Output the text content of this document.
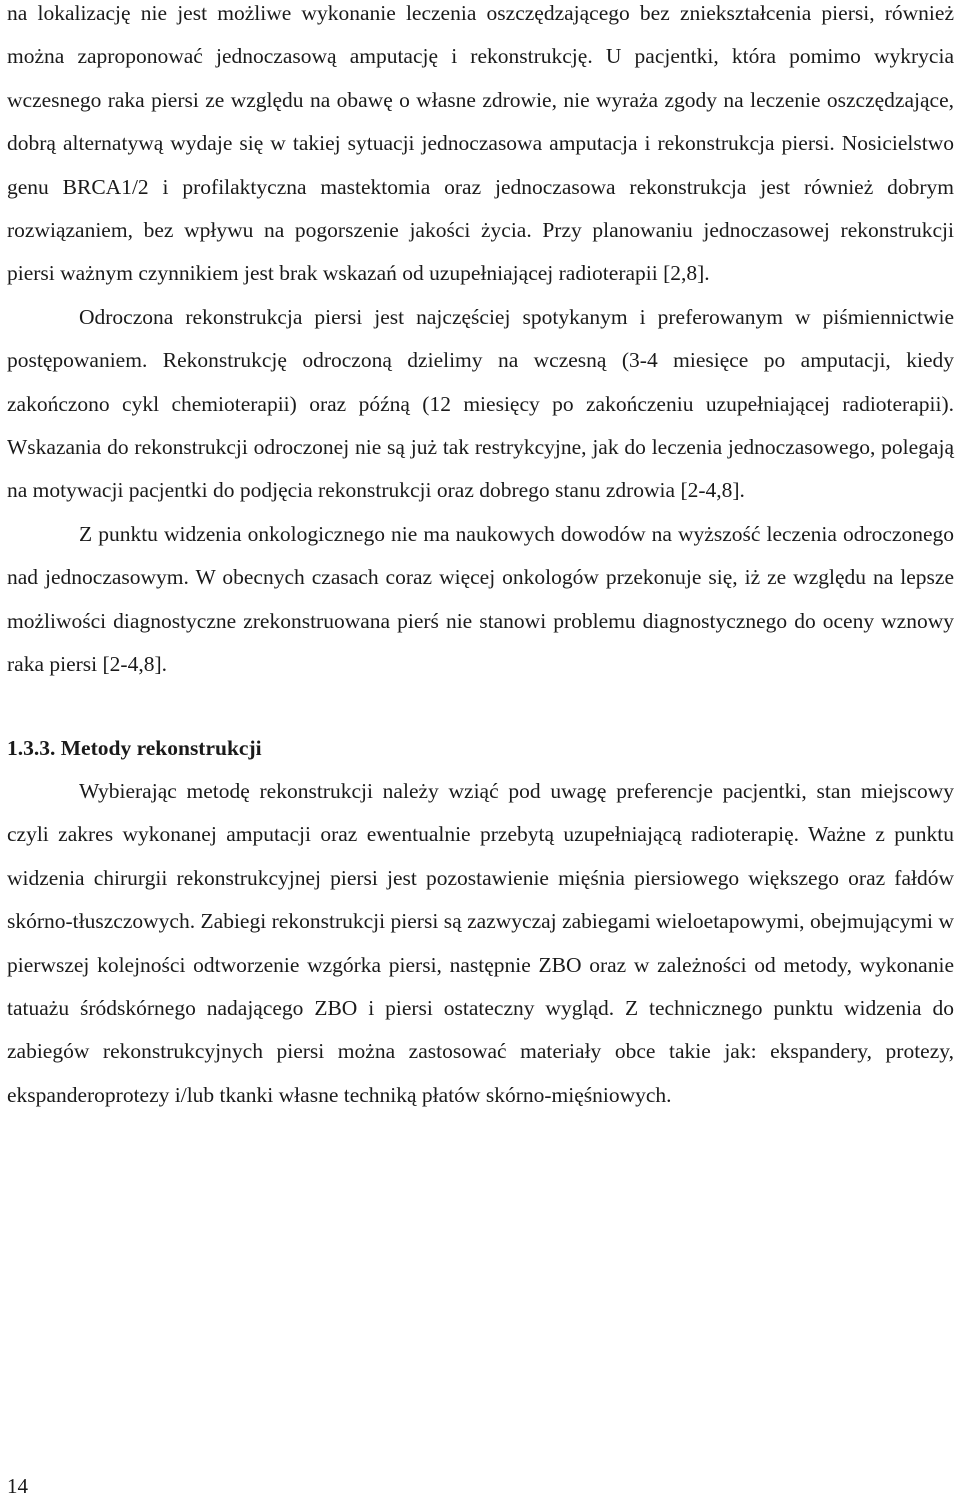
na lokalizację nie jest możliwe wykonanie leczenia oszczędzającego bez zniekształcenia piersi, również można zaproponować jednoczasową amputację i rekonstrukcję. U pacjentki, która pomimo wykrycia wczesnego raka piersi ze względu na obawę o własne zdrowie, nie wyraża zgody na leczenie oszczędzające, dobrą alternatywą wydaje się w takiej sytuacji jednoczasowa amputacja i rekonstrukcja piersi. Nosicielstwo genu BRCA1/2 i profilaktyczna mastektomia oraz jednoczasowa rekonstrukcja jest również dobrym rozwiązaniem, bez wpływu na pogorszenie jakości życia. Przy planowaniu jednoczasowej rekonstrukcji piersi ważnym czynnikiem jest brak wskazań od uzupełniającej radioterapii [2,8].

Odroczona rekonstrukcja piersi jest najczęściej spotykanym i preferowanym w piśmiennictwie postępowaniem. Rekonstrukcję odroczoną dzielimy na wczesną (3-4 miesięce po amputacji, kiedy zakończono cykl chemioterapii) oraz późną (12 miesięcy po zakończeniu uzupełniającej radioterapii). Wskazania do rekonstrukcji odroczonej nie są już tak restrykcyjne, jak do leczenia jednoczasowego, polegają na motywacji pacjentki do podjęcia rekonstrukcji oraz dobrego stanu zdrowia [2-4,8].

Z punktu widzenia onkologicznego nie ma naukowych dowodów na wyższość leczenia odroczonego nad jednoczasowym. W obecnych czasach coraz więcej onkologów przekonuje się, iż ze względu na lepsze możliwości diagnostyczne zrekonstruowana pierś nie stanowi problemu diagnostycznego do oceny wznowy raka piersi [2-4,8].

1.3.3. Metody rekonstrukcji

Wybierając metodę rekonstrukcji należy wziąć pod uwagę preferencje pacjentki, stan miejscowy czyli zakres wykonanej amputacji oraz ewentualnie przebytą uzupełniającą radioterapię. Ważne z punktu widzenia chirurgii rekonstrukcyjnej piersi jest pozostawienie mięśnia piersiowego większego oraz fałdów skórno-tłuszczowych. Zabiegi rekonstrukcji piersi są zazwyczaj zabiegami wieloetapowymi, obejmującymi w pierwszej kolejności odtworzenie wzgórka piersi, następnie ZBO oraz w zależności od metody, wykonanie tatuażu śródskórnego nadającego ZBO i piersi ostateczny wygląd. Z technicznego punktu widzenia do zabiegów rekonstrukcyjnych piersi można zastosować materiały obce takie jak: ekspandery, protezy, ekspanderoprotezy i/lub tkanki własne techniką płatów skórno-mięśniowych.

14
